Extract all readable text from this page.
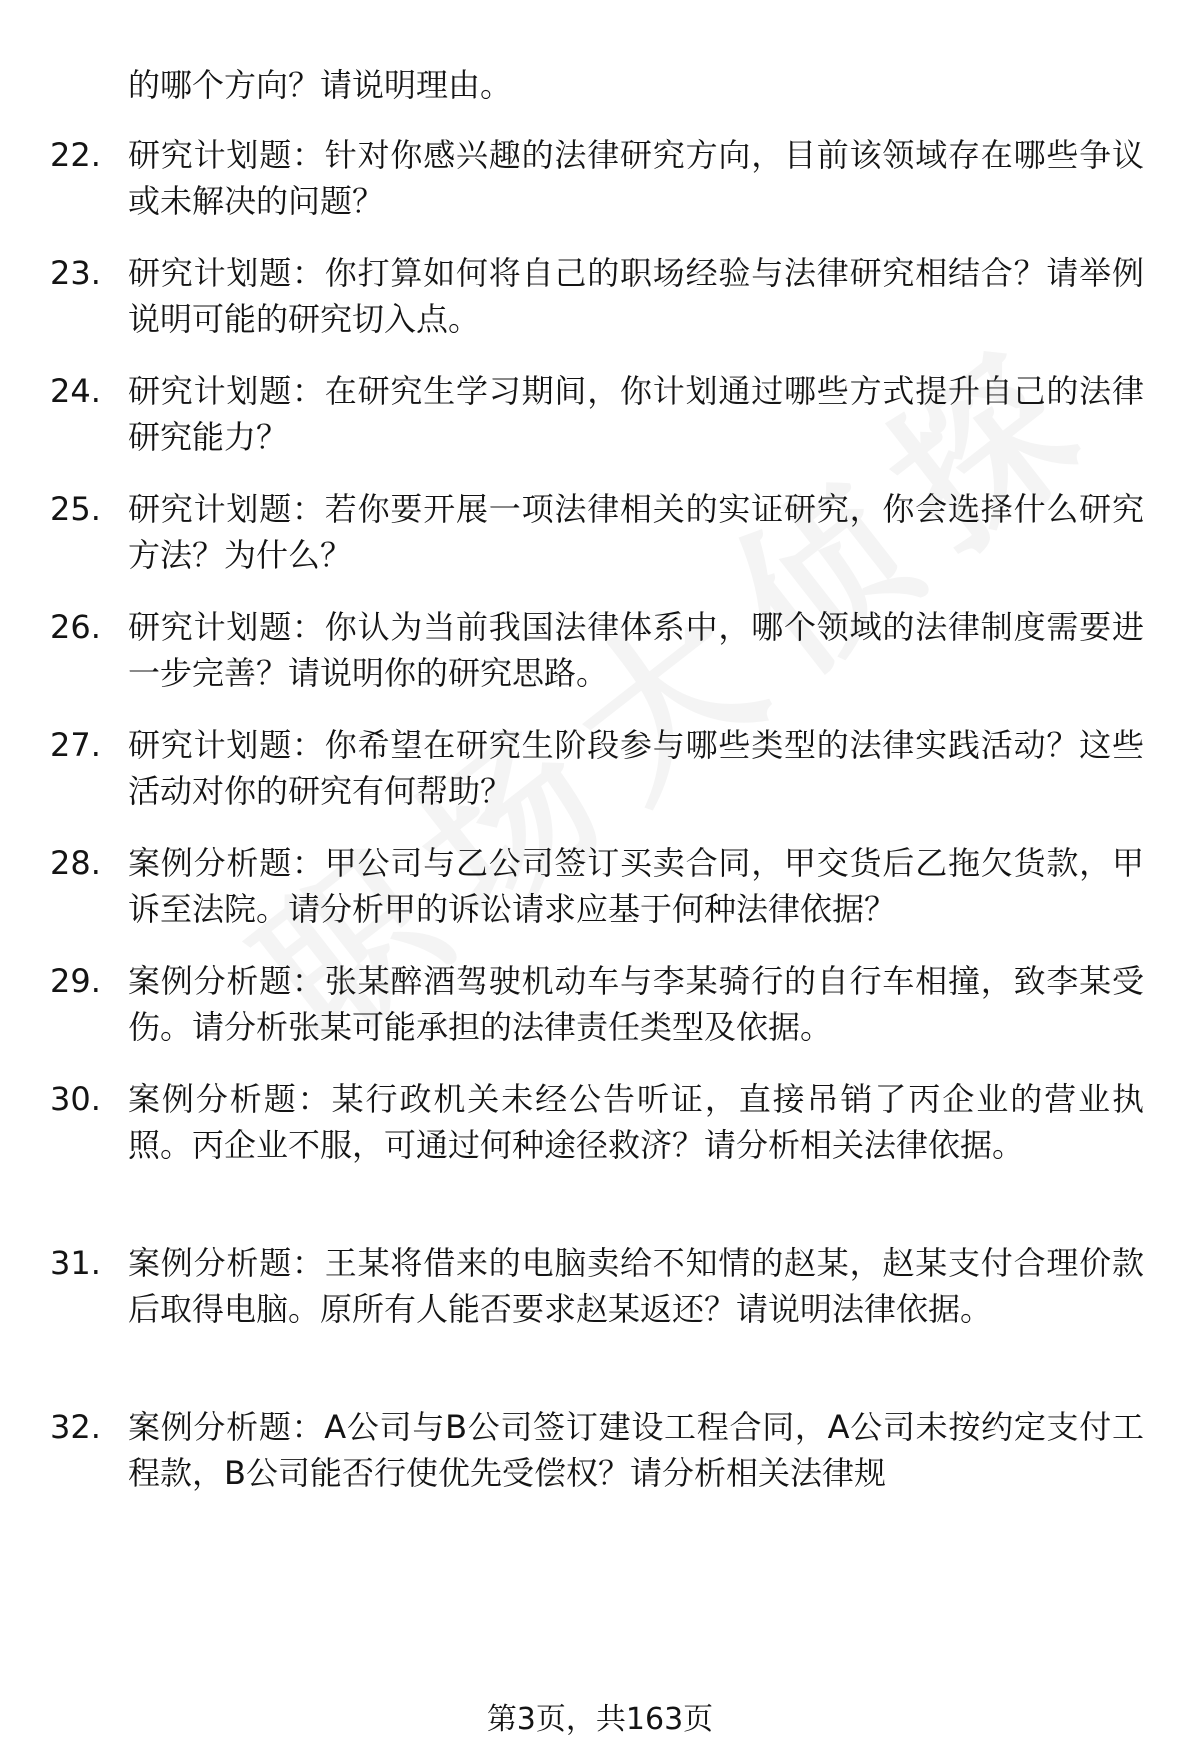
的哪个方向？请说明理由。
22. 研究计划题：针对你感兴趣的法律研究方向，目前该领域存在哪些争议或未解决的问题？
23. 研究计划题：你打算如何将自己的职场经验与法律研究相结合？请举例说明可能的研究切入点。
24. 研究计划题：在研究生学习期间，你计划通过哪些方式提升自己的法律研究能力？
25. 研究计划题：若你要开展一项法律相关的实证研究，你会选择什么研究方法？为什么？
26. 研究计划题：你认为当前我国法律体系中，哪个领域的法律制度需要进一步完善？请说明你的研究思路。
27. 研究计划题：你希望在研究生阶段参与哪些类型的法律实践活动？这些活动对你的研究有何帮助？
28. 案例分析题：甲公司与乙公司签订买卖合同，甲交货后乙拖欠货款，甲诉至法院。请分析甲的诉讼请求应基于何种法律依据？
29. 案例分析题：张某醉酒驾驶机动车与李某骑行的自行车相撞，致李某受伤。请分析张某可能承担的法律责任类型及依据。
30. 案例分析题：某行政机关未经公告听证，直接吊销了丙企业的营业执照。丙企业不服，可通过何种途径救济？请分析相关法律依据。
31. 案例分析题：王某将借来的电脑卖给不知情的赵某，赵某支付合理价款后取得电脑。原所有人能否要求赵某返还？请说明法律依据。
32. 案例分析题：A公司与B公司签订建设工程合同，A公司未按约定支付工程款，B公司能否行使优先受偿权？请分析相关法律规
第3页，共163页
